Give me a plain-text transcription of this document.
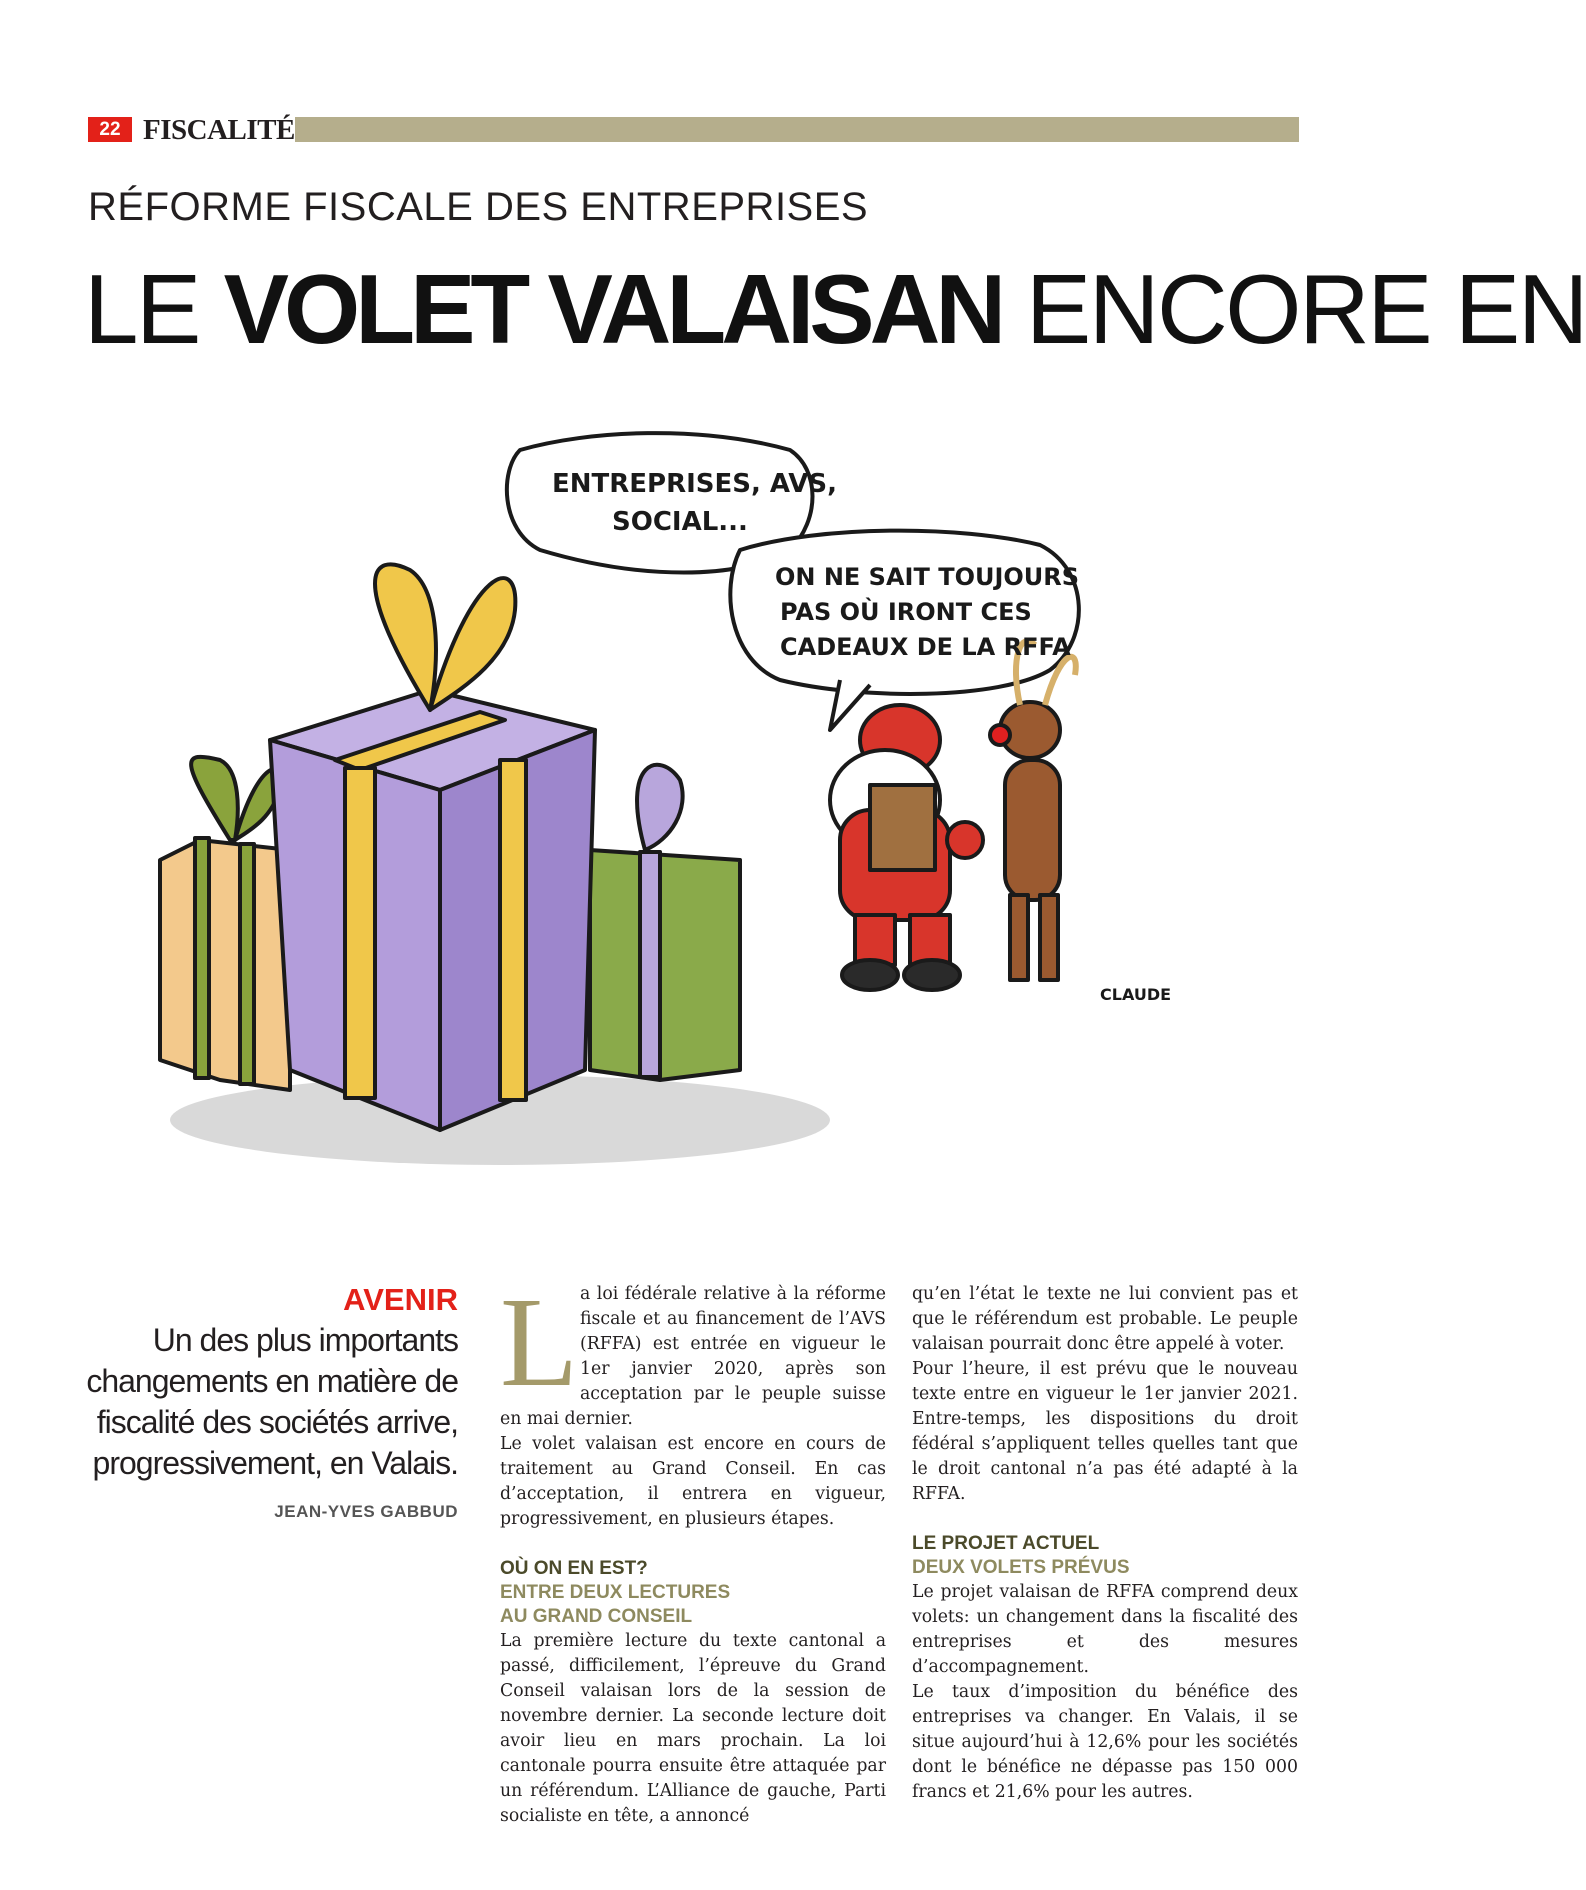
22 FISCALITÉ
RÉFORME FISCALE DES ENTREPRISES
LE VOLET VALAISAN ENCORE EN
ENTREPRISES, AVS,
SOCIAL...
ON NE SAIT TOUJOURS
PAS OÙ IRONT CES
CADEAUX DE LA RFFA
CLAUDE
AVENIR
Un des plus importants changements en matière de fiscalité des sociétés arrive, progressivement, en Valais.
JEAN-YVES GABBUD
L a loi fédérale relative à la réforme fiscale et au financement de l’AVS (RFFA) est entrée en vigueur le 1er janvier 2020, après son acceptation par le peuple suisse en mai dernier.

Le volet valaisan est encore en cours de traitement au Grand Conseil. En cas d’acceptation, il entrera en vigueur, progressivement, en plusieurs étapes.

OÙ ON EN EST?
ENTRE DEUX LECTURES
AU GRAND CONSEIL

La première lecture du texte cantonal a passé, difficilement, l’épreuve du Grand Conseil valaisan lors de la session de novembre dernier. La seconde lecture doit avoir lieu en mars prochain. La loi cantonale pourra ensuite être attaquée par un référendum. L’Alliance de gauche, Parti socialiste en tête, a annoncé

qu’en l’état le texte ne lui convient pas et que le référendum est probable. Le peuple valaisan pourrait donc être appelé à voter.

Pour l’heure, il est prévu que le nouveau texte entre en vigueur le 1er janvier 2021. Entre-temps, les dispositions du droit fédéral s’appliquent telles quelles tant que le droit cantonal n’a pas été adapté à la RFFA.

LE PROJET ACTUEL
DEUX VOLETS PRÉVUS

Le projet valaisan de RFFA comprend deux volets: un changement dans la fiscalité des entreprises et des mesures d’accompagnement.

Le taux d’imposition du bénéfice des entreprises va changer. En Valais, il se situe aujourd’hui à 12,6% pour les sociétés dont le bénéfice ne dépasse pas 150 000 francs et 21,6% pour les autres.
